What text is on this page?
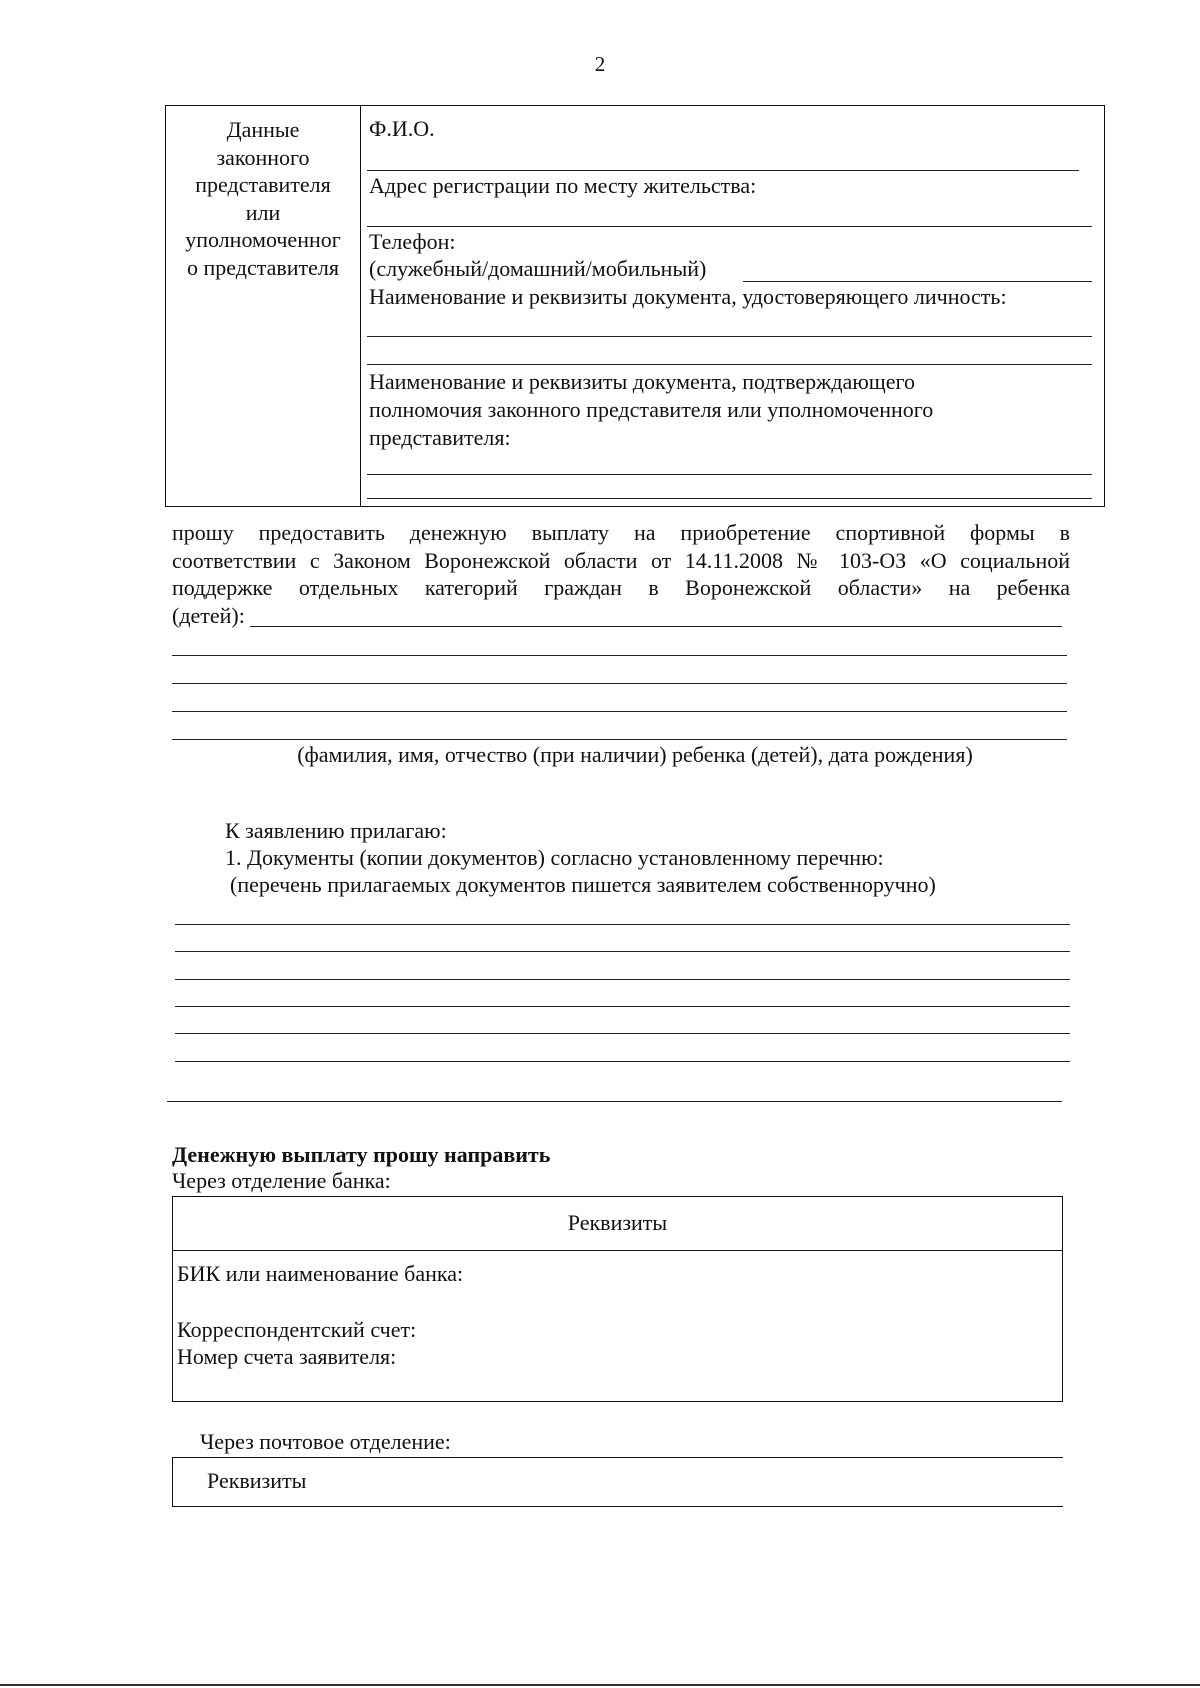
2
Данные
законного
представителя
или
уполномоченног
о представителя
Ф.И.О.
Адрес регистрации по месту жительства:
Телефон:
(служебный/домашний/мобильный)
Наименование и реквизиты документа, удостоверяющего личность:
Наименование и реквизиты документа, подтверждающего
полномочия законного представителя или уполномоченного
представителя:
прошу предоставить денежную выплату на приобретение спортивной формы в
соответствии с Законом Воронежской области от 14.11.2008 № 103-ОЗ «О социальной
поддержке отдельных категорий граждан в Воронежской области» на ребенка
(детей):
(фамилия, имя, отчество (при наличии) ребенка (детей), дата рождения)
К заявлению прилагаю:
1. Документы (копии документов) согласно установленному перечню:
(перечень прилагаемых документов пишется заявителем собственноручно)
Денежную выплату прошу направить
Через отделение банка:
Реквизиты
БИК или наименование банка:
Корреспондентский счет:
Номер счета заявителя:
Через почтовое отделение:
Реквизиты
